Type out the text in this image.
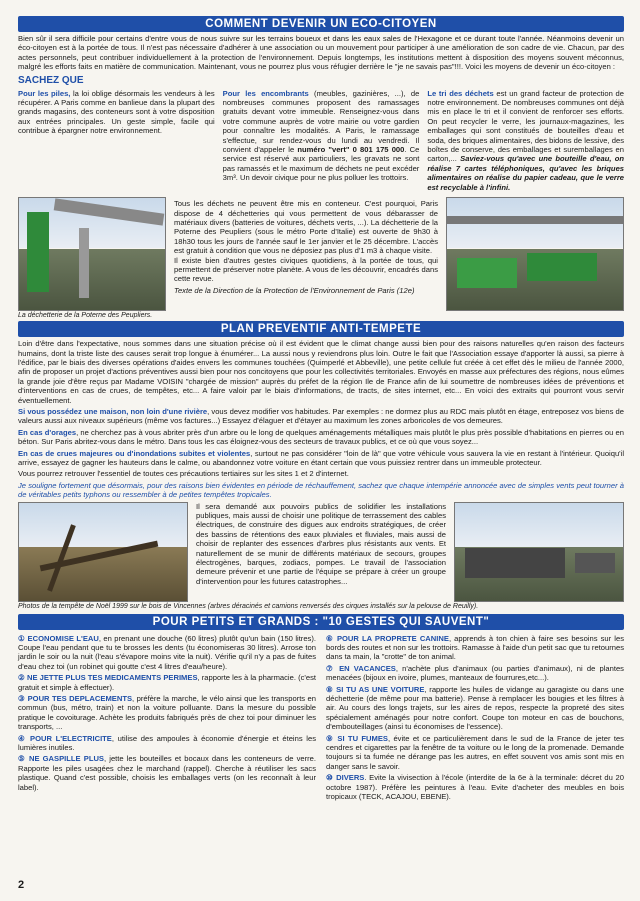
COMMENT DEVENIR UN ECO-CITOYEN
Bien sûr il sera difficile pour certains d'entre vous de nous suivre sur les terrains boueux et dans les eaux sales de l'Hexagone et ce durant toute l'année. Néanmoins devenir un éco-citoyen est à la portée de tous. Il n'est pas nécessaire d'adhérer à une association ou un mouvement pour participer à une amélioration de son cadre de vie. Chacun, par des actes personnels, peut contribuer individuellement à la protection de l'environnement. Depuis longtemps, les institutions mettent à disposition des moyens souvent méconnus, malgré les efforts faits en matière de communication. Maintenant, vous ne pourrez plus vous réfugier derrière le "je ne savais pas"!!!. Voici les moyens de devenir un éco-citoyen :
SACHEZ QUE
Pour les piles, la loi oblige désormais les vendeurs à les récupérer. A Paris comme en banlieue dans la plupart des grands magasins, des conteneurs sont à votre disposition aux entrées principales. Un geste simple, facile qui contribue à épargner notre environnement.
Pour les encombrants (meubles, gazinières, ...), de nombreuses communes proposent des ramassages gratuits devant votre immeuble. Renseignez-vous dans votre commune auprès de votre mairie ou votre gardien pour connaître les modalités. A Paris, le ramassage s'effectue, sur rendez-vous du lundi au vendredi. Il convient d'appeler le numéro "vert" 0 801 175 000. Ce service est réservé aux particuliers, les gravats ne sont pas ramassés et le maximum de déchets ne peut excéder 3m³. Un devoir civique pour ne plus polluer les trottoirs.
Le tri des déchets est un grand facteur de protection de notre environnement. De nombreuses communes ont déjà mis en place le tri et il convient de renforcer ses efforts. On peut recycler le verre, les journaux-magazines, les emballages qui sont constitués de bouteilles d'eau et soda, des briques alimentaires, des bidons de lessive, des boîtes de conserve, des emballages et suremballages en carton,... Saviez-vous qu'avec une bouteille d'eau, on réalise 7 cartes téléphoniques, qu'avec les briques alimentaires on réalise du papier cadeau, que le verre est recyclable à l'infini.
La déchetterie de la Poterne des Peupliers.
Tous les déchets ne peuvent être mis en conteneur. C'est pourquoi, Paris dispose de 4 déchetteries qui vous permettent de vous débarasser de matériaux divers (batteries de voitures, déchets verts, ...). La déchetterie de la Poterne des Peupliers (sous le métro Porte d'Italie) est ouverte de 9h30 à 18h30 tous les jours de l'année sauf le 1er janvier et le 25 décembre. L'accès est gratuit à condition que vous ne déposiez pas plus d'1 m3 à chaque visite.
Il existe bien d'autres gestes civiques quotidiens, à la portée de tous, qui permettent de préserver notre planète. A vous de les découvrir, encadrés dans cette revue.
Texte de la Direction de la Protection de l'Environnement de Paris (12e)
PLAN PREVENTIF ANTI-TEMPETE
Loin d'être dans l'expectative, nous sommes dans une situation précise où il est évident que le climat change aussi bien pour des raisons naturelles qu'en raison des facteurs humains, dont la triste liste des causes serait trop longue à énumérer... La aussi nous y reviendrons plus loin. Outre le fait que l'Association essaye d'apporter là aussi, sa pierre à l'édifice, par le biais des diverses opérations d'aides envers les communes touchées (Quimperlé et Abbeville), une petite cellule fut créée à cet effet dès le milieu de l'année 2000, afin de proposer un projet d'actions préventives aussi bien pour nos concitoyens que pour les collectivités territoriales. Envoyés en masse aux préfectures des régions, nous eûmes la grande joie d'être reçus par Madame VOISIN "chargée de mission" auprès du préfet de la région Ile de France afin de lui soumettre de nombreuses idées de préventions et d'interventions en cas de crues, de tempêtes, etc... A faire valoir par le biais d'informations, de tracts, de sites internet, etc... En voici des extraits qui pourront vous servir éventuellement.
Si vous possédez une maison, non loin d'une rivière, vous devez modifier vos habitudes. Par exemples : ne dormez plus au RDC mais plutôt en étage, entreposez vos biens de valeurs aussi aux niveaux supérieurs (même vos factures...) Essayez d'élaguer et d'étayer au maximum les zones arboricoles de vos demeures.
En cas d'orages, ne cherchez pas à vous abriter près d'un arbre ou le long de quelques aménagements métalliques mais plutôt le plus près possible d'habitations en pierres ou en béton. Sur Paris abritez-vous dans le métro. Dans tous les cas éloignez-vous des secteurs de travaux publics, et ce où que vous soyez...
En cas de crues majeures ou d'inondations subites et violentes, surtout ne pas considérer "loin de là" que votre véhicule vous sauvera la vie en restant à l'intérieur. Quoiqu'il arrive, essayez de gagner les hauteurs dans le calme, ou abandonnez votre voiture en étant certain que vous puissiez rentrer dans un immeuble protecteur.
Vous pourrez retrouver l'essentiel de toutes ces précautions tertiaires sur les sites 1 et 2 d'internet.
Je souligne fortement que désormais, pour des raisons bien évidentes en période de réchauffement, sachez que chaque intempérie annoncée avec de simples vents peut tourner à de véritables petits typhons ou ressembler à de petites tempêtes tropicales.
Il sera demandé aux pouvoirs publics de solidifier les installations publiques, mais aussi de choisir une politique de terrassement des cables électriques, de construire des digues aux endroits stratégiques, de créer des bassins de rétentions des eaux pluviales et fluviales, mais aussi de choisir de replanter des essences d'arbres plus résistants aux vents. Et naturellement de se munir de différents matériaux de secours, groupes électrogènes, barques, zodiacs, pompes. Le travail de l'association demeure prévenir et une partie de l'équipe se prépare à créer un groupe d'intervention pour les futures catastrophes...
Photos de la tempête de Noël 1999 sur le bois de Vincennes (arbres déracinés et camions renversés des cirques installés sur la pelouse de Reuilly).
POUR PETITS ET GRANDS : "10 GESTES QUI SAUVENT"
① ECONOMISE L'EAU, en prenant une douche (60 litres) plutôt qu'un bain (150 litres). Coupe l'eau pendant que tu te brosses les dents (tu économiseras 30 litres). Arrose ton jardin le soir ou la nuit (l'eau s'évapore moins vite la nuit). Vérifie qu'il n'y a pas de fuites d'eau chez toi (un robinet qui goutte c'est 4 litres d'eau/heure).
② NE JETTE PLUS TES MEDICAMENTS PERIMES, rapporte les à la pharmacie. (c'est gratuit et simple à effectuer).
③ POUR TES DEPLACEMENTS, préfère la marche, le vélo ainsi que les transports en commun (bus, métro, train) et non la voiture polluante. Dans la mesure du possible pratique le covoiturage. Achète les produits fabriqués près de chez toi pour diminuer les transports, ...
④ POUR L'ELECTRICITE, utilise des ampoules à économie d'énergie et éteins les lumières inutiles.
⑤ NE GASPILLE PLUS, jette les bouteilles et bocaux dans les conteneurs de verre. Rapporte les piles usagées chez le marchand (rappel). Cherche à réutiliser les sacs plastique. Quand c'est possible, choisis les emballages verts (on les reconnaît à leur label).
⑥ POUR LA PROPRETE CANINE, apprends à ton chien à faire ses besoins sur les bords des routes et non sur les trottoirs. Ramasse à l'aide d'un petit sac que tu retournes dans ta main, la "crotte" de ton animal.
⑦ EN VACANCES, n'achète plus d'animaux (ou parties d'animaux), ni de plantes menacées (bijoux en ivoire, plumes, manteaux de fourrures,etc...).
⑧ SI TU AS UNE VOITURE, rapporte les huiles de vidange au garagiste ou dans une déchetterie (de même pour ma batterie). Pense à remplacer les bougies et les filtres à air. Au cours des longs trajets, sur les aires de repos, respecte la propreté des sites spécialement aménagés pour notre confort. Coupe ton moteur en cas de bouchons, d'embouteillages (ainsi tu économises de l'essence).
⑨ SI TU FUMES, évite et ce particulièrement dans le sud de la France de jeter tes cendres et cigarettes par la fenêtre de ta voiture ou le long de la promenade. Demande toujours si ta fumée ne dérange pas les autres, en effet souvent vos amis sont mis en danger sans le savoir.
⑩ DIVERS. Evite la vivisection à l'école (interdite de la 6e à la terminale: décret du 20 octobre 1987). Préfère les peintures à l'eau. Evite d'acheter des meubles en bois tropicaux (TECK, ACAJOU, EBENE).
2
